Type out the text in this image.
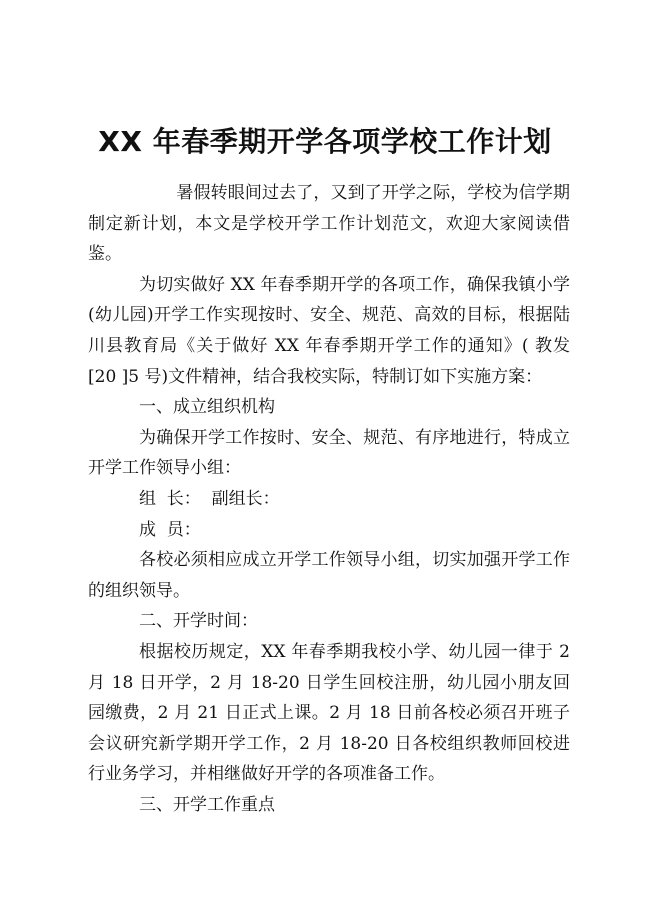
XX 年春季期开学各项学校工作计划

暑假转眼间过去了，又到了开学之际，学校为信学期制定新计划，本文是学校开学工作计划范文，欢迎大家阅读借鉴。

为切实做好 XX 年春季期开学的各项工作，确保我镇小学(幼儿园)开学工作实现按时、安全、规范、高效的目标，根据陆川县教育局《关于做好 XX 年春季期开学工作的通知》( 教发[20 ]5 号)文件精神，结合我校实际，特制订如下实施方案：

一、成立组织机构

为确保开学工作按时、安全、规范、有序地进行，特成立开学工作领导小组：

组  长：  副组长：

成  员：

各校必须相应成立开学工作领导小组，切实加强开学工作的组织领导。

二、开学时间：

根据校历规定，XX 年春季期我校小学、幼儿园一律于 2 月 18 日开学，2 月 18-20 日学生回校注册，幼儿园小朋友回园缴费，2 月 21 日正式上课。2 月 18 日前各校必须召开班子会议研究新学期开学工作，2 月 18-20 日各校组织教师回校进行业务学习，并相继做好开学的各项准备工作。

三、开学工作重点
